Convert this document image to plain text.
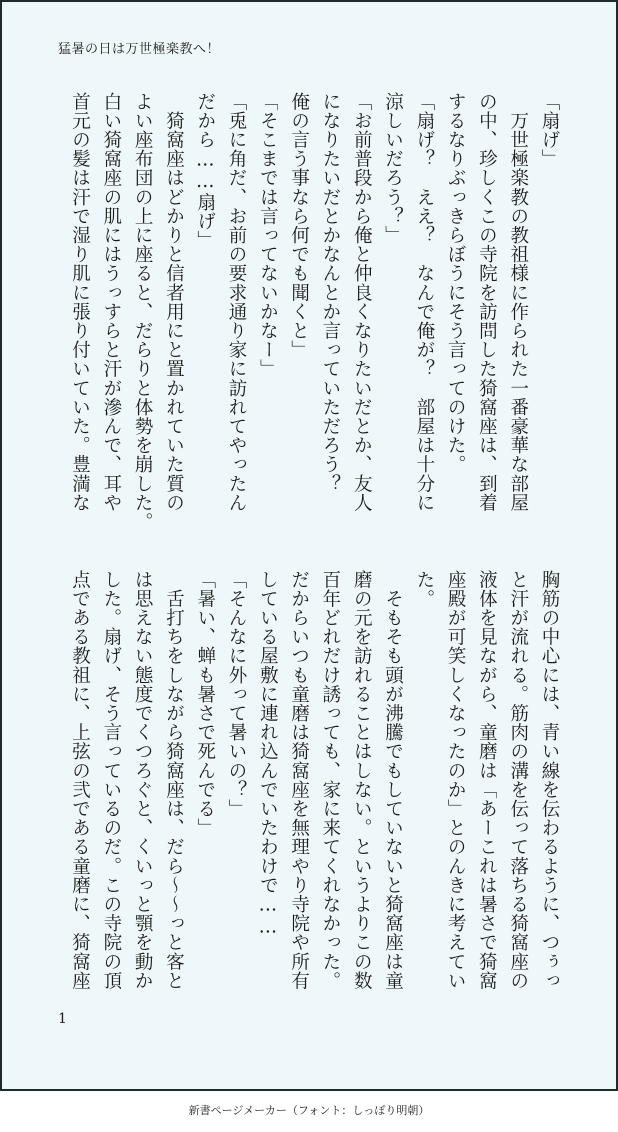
猛暑の日は万世極楽教へ！
「扇げ」
　万世極楽教の教祖様に作られた一番豪華な部屋
の中、珍しくこの寺院を訪問した猗窩座は、到着
するなりぶっきらぼうにそう言ってのけた。
「扇げ？　ええ？　なんで俺が？　部屋は十分に
涼しいだろう？」
「お前普段から俺と仲良くなりたいだとか、友人
になりたいだとかなんとか言っていただろう？
俺の言う事なら何でも聞くと」
「そこまでは言ってないかなー」
「兎に角だ、お前の要求通り家に訪れてやったん
だから……扇げ」
　猗窩座はどかりと信者用にと置かれていた質の
よい座布団の上に座ると、だらりと体勢を崩した。
白い猗窩座の肌にはうっすらと汗が滲んで、耳や
首元の髪は汗で湿り肌に張り付いていた。豊満な
胸筋の中心には、青い線を伝わるように、つぅっ
と汗が流れる。筋肉の溝を伝って落ちる猗窩座の
液体を見ながら、童磨は「あーこれは暑さで猗窩
座殿が可笑しくなったのか」とのんきに考えてい
た。
　そもそも頭が沸騰でもしていないと猗窩座は童
磨の元を訪れることはしない。というよりこの数
百年どれだけ誘っても、家に来てくれなかった。
だからいつも童磨は猗窩座を無理やり寺院や所有
している屋敷に連れ込んでいたわけで……
「そんなに外って暑いの？」
「暑い、蝉も暑さで死んでる」
　舌打ちをしながら猗窩座は、だら～～っと客と
は思えない態度でくつろぐと、くいっと顎を動か
した。扇げ、そう言っているのだ。この寺院の頂
点である教祖に、上弦の弐である童磨に、猗窩座
1
新書ページメーカー（フォント：しっぽり明朝）
